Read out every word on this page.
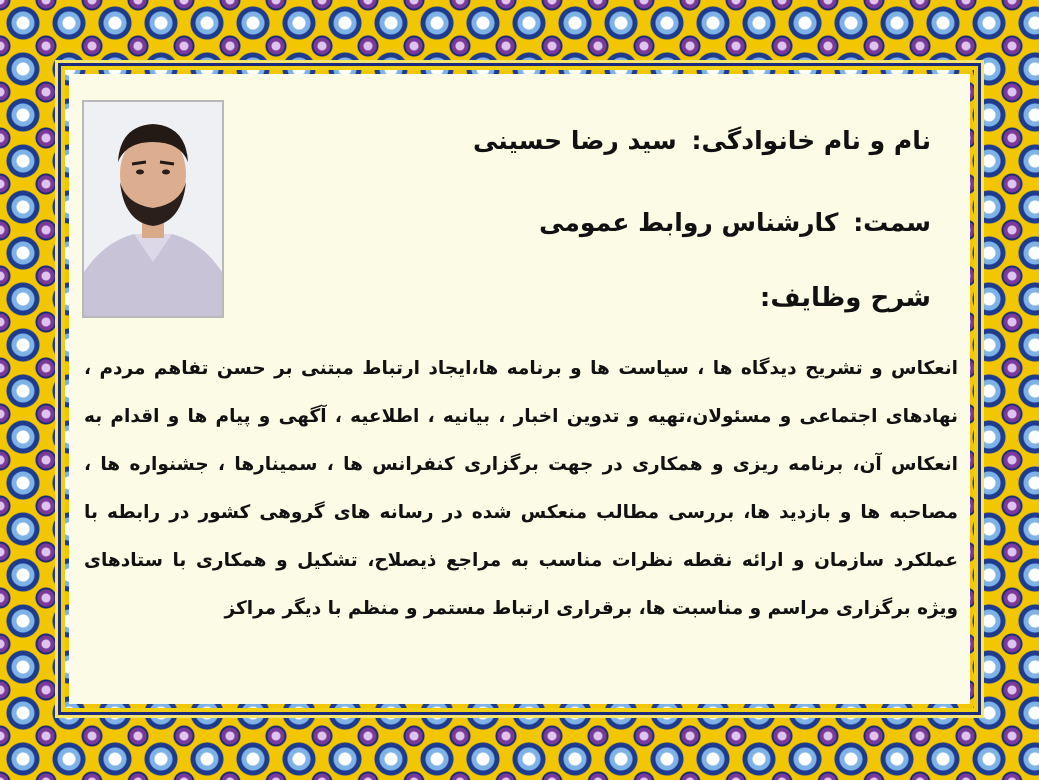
نام و نام خانوادگی: سید رضا حسینی
سمت: کارشناس روابط عمومی
شرح وظایف:
انعکاس و تشریح دیدگاه ها ، سیاست ها و برنامه ها،ایجاد ارتباط مبتنی بر حسن تفاهم مردم ، نهادهای اجتماعی و مسئولان،تهیه و تدوین اخبار ، بیانیه ، اطلاعیه ، آگهی و پیام ها و اقدام به انعکاس آن، برنامه ریزی و همکاری در جهت برگزاری کنفرانس ها ، سمینارها ، جشنواره ها ، مصاحبه ها و بازدید ها، بررسی مطالب منعکس شده در رسانه های گروهی کشور در رابطه با عملکرد سازمان و ارائه نقطه نظرات مناسب به مراجع ذیصلاح، تشکیل و همکاری با ستادهای ویژه برگزاری مراسم و مناسبت ها، برقراری ارتباط مستمر و منظم با دیگر مراکز
